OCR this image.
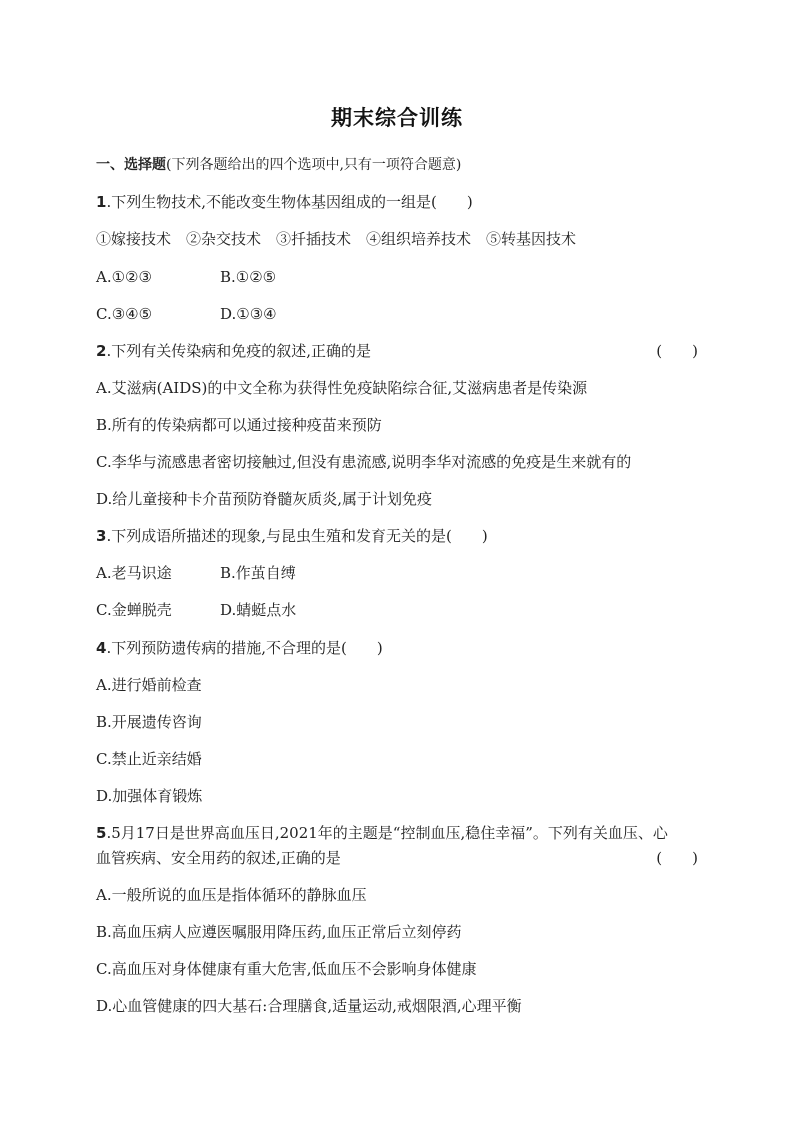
期末综合训练
一、选择题(下列各题给出的四个选项中,只有一项符合题意)
1.下列生物技术,不能改变生物体基因组成的一组是(　　)
①嫁接技术　②杂交技术　③扦插技术　④组织培养技术　⑤转基因技术
A.①②③	B.①②⑤
C.③④⑤	D.①③④
2.下列有关传染病和免疫的叙述,正确的是	(　　)
A.艾滋病(AIDS)的中文全称为获得性免疫缺陷综合征,艾滋病患者是传染源
B.所有的传染病都可以通过接种疫苗来预防
C.李华与流感患者密切接触过,但没有患流感,说明李华对流感的免疫是生来就有的
D.给儿童接种卡介苗预防脊髓灰质炎,属于计划免疫
3.下列成语所描述的现象,与昆虫生殖和发育无关的是(　　)
A.老马识途	B.作茧自缚
C.金蝉脱壳	D.蜻蜓点水
4.下列预防遗传病的措施,不合理的是(　　)
A.进行婚前检查
B.开展遗传咨询
C.禁止近亲结婚
D.加强体育锻炼
5.5月17日是世界高血压日,2021年的主题是“控制血压,稳住幸福”。下列有关血压、心
血管疾病、安全用药的叙述,正确的是	(　　)
A.一般所说的血压是指体循环的静脉血压
B.高血压病人应遵医嘱服用降压药,血压正常后立刻停药
C.高血压对身体健康有重大危害,低血压不会影响身体健康
D.心血管健康的四大基石:合理膳食,适量运动,戒烟限酒,心理平衡
